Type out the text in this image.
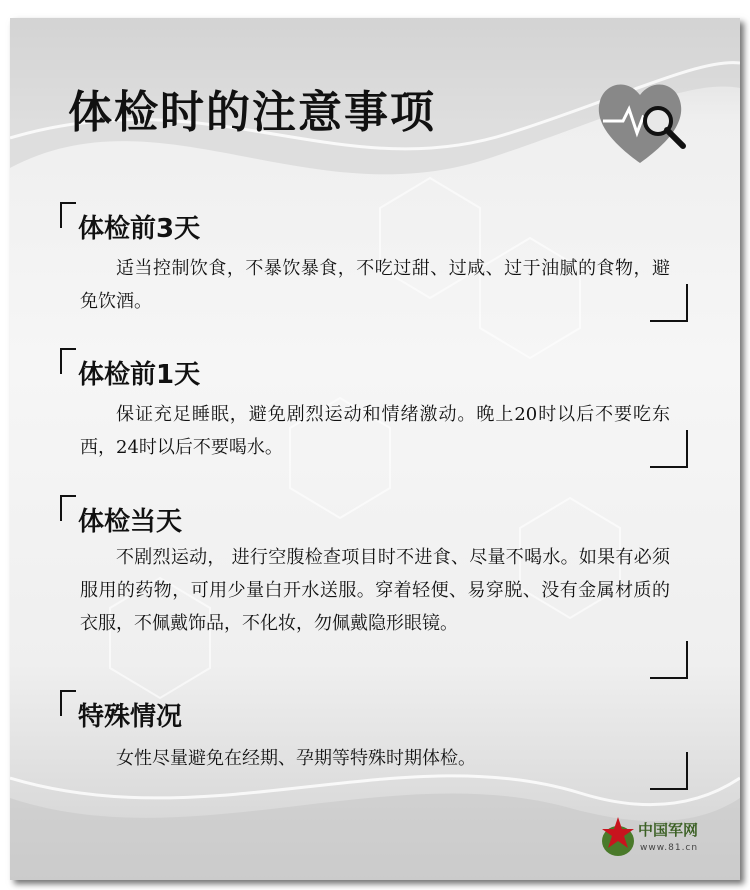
体检时的注意事项
体检前3天

适当控制饮食，不暴饮暴食，不吃过甜、过咸、过于油腻的食物，避免饮酒。

体检前1天

保证充足睡眠，避免剧烈运动和情绪激动。晚上20时以后不要吃东西，24时以后不要喝水。

体检当天

不剧烈运动， 进行空腹检查项目时不进食、尽量不喝水。如果有必须服用的药物，可用少量白开水送服。穿着轻便、易穿脱、没有金属材质的衣服，不佩戴饰品，不化妆，勿佩戴隐形眼镜。

特殊情况

女性尽量避免在经期、孕期等特殊时期体检。

中国军网
www.81.cn
